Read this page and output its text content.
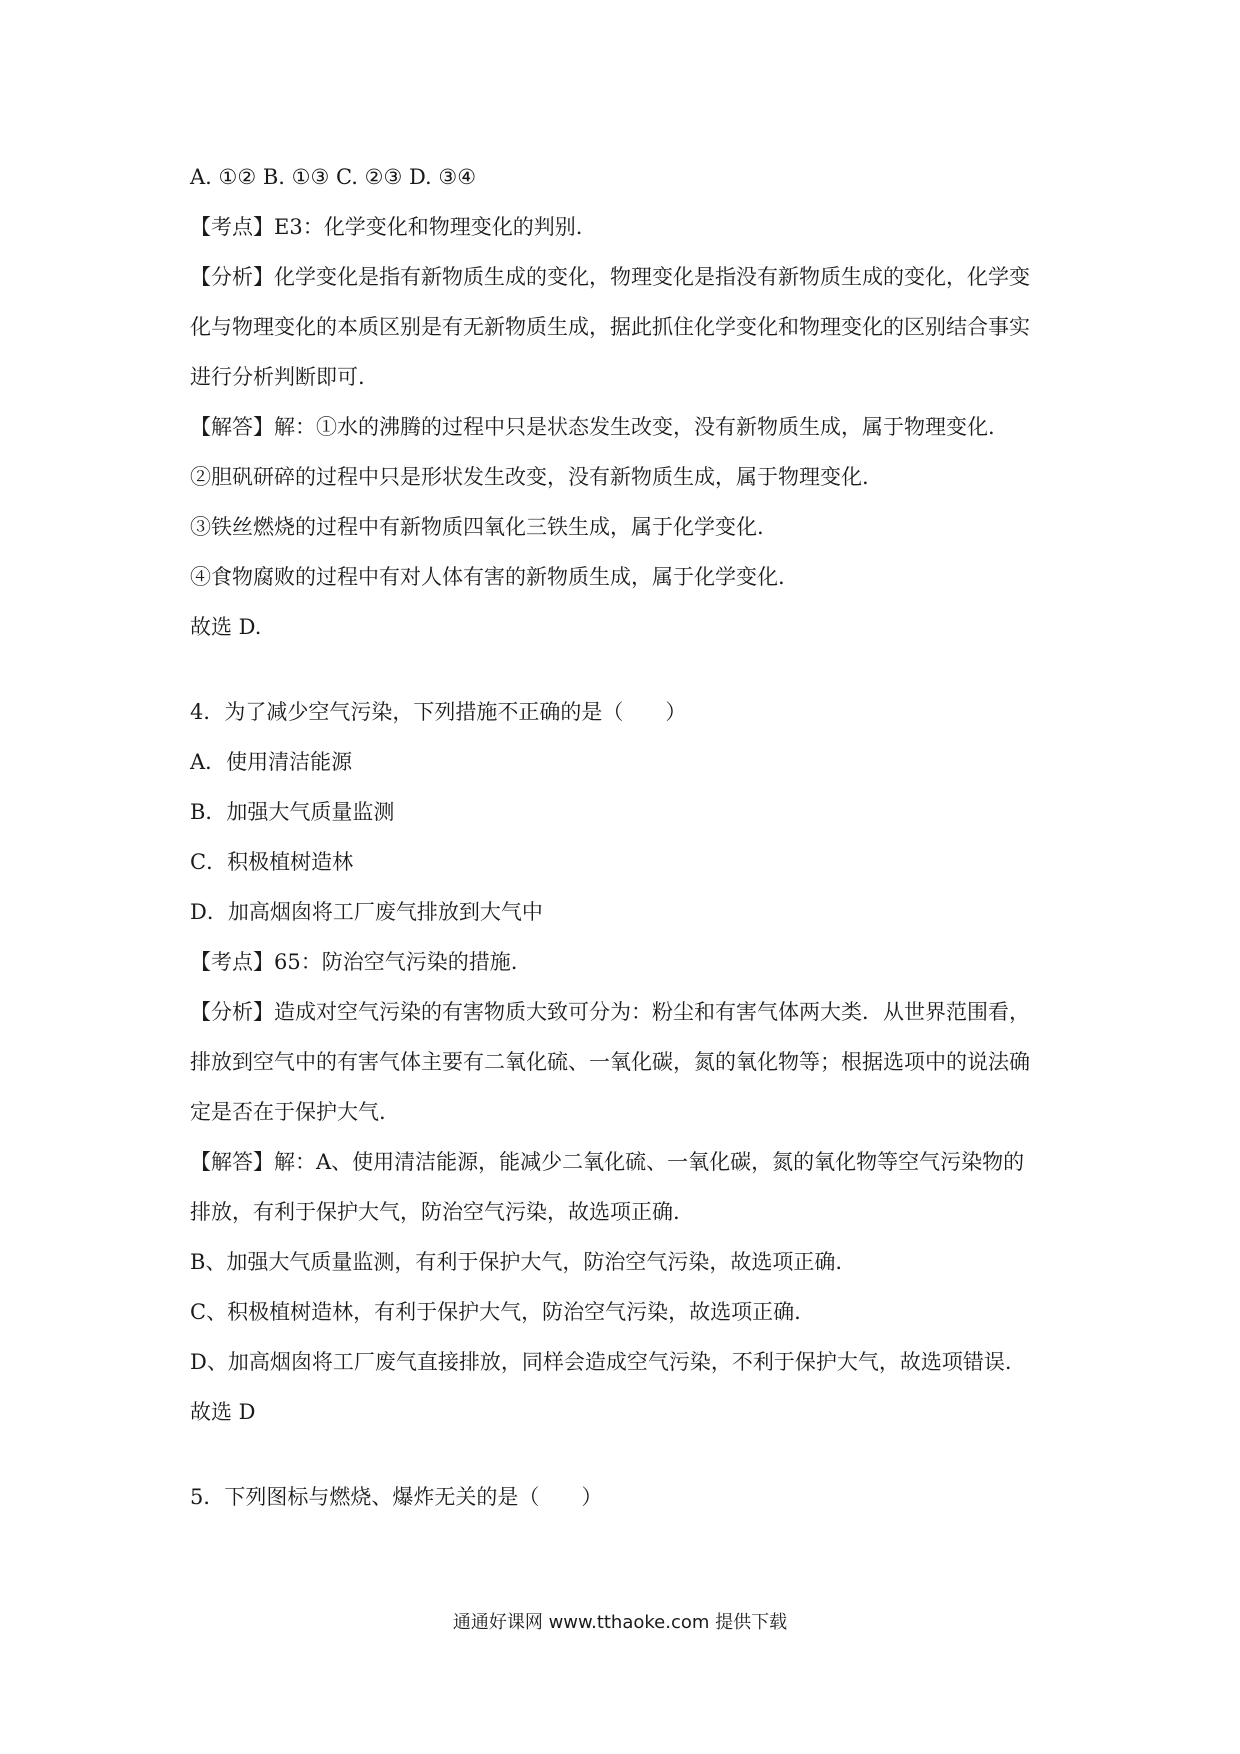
A. ①② B. ①③ C. ②③ D. ③④
【考点】E3：化学变化和物理变化的判别.
【分析】化学变化是指有新物质生成的变化，物理变化是指没有新物质生成的变化，化学变
化与物理变化的本质区别是有无新物质生成，据此抓住化学变化和物理变化的区别结合事实
进行分析判断即可.
【解答】解：①水的沸腾的过程中只是状态发生改变，没有新物质生成，属于物理变化.
②胆矾研碎的过程中只是形状发生改变，没有新物质生成，属于物理变化.
③铁丝燃烧的过程中有新物质四氧化三铁生成，属于化学变化.
④食物腐败的过程中有对人体有害的新物质生成，属于化学变化.
故选 D.
4．为了减少空气污染，下列措施不正确的是（　　）
A．使用清洁能源
B．加强大气质量监测
C．积极植树造林
D．加高烟囱将工厂废气排放到大气中
【考点】65：防治空气污染的措施.
【分析】造成对空气污染的有害物质大致可分为：粉尘和有害气体两大类．从世界范围看，
排放到空气中的有害气体主要有二氧化硫、一氧化碳，氮的氧化物等；根据选项中的说法确
定是否在于保护大气.
【解答】解：A、使用清洁能源，能减少二氧化硫、一氧化碳，氮的氧化物等空气污染物的
排放，有利于保护大气，防治空气污染，故选项正确.
B、加强大气质量监测，有利于保护大气，防治空气污染，故选项正确.
C、积极植树造林，有利于保护大气，防治空气污染，故选项正确.
D、加高烟囱将工厂废气直接排放，同样会造成空气污染，不利于保护大气，故选项错误.
故选 D
5．下列图标与燃烧、爆炸无关的是（　　）
通通好课网 www.tthaoke.com 提供下载
